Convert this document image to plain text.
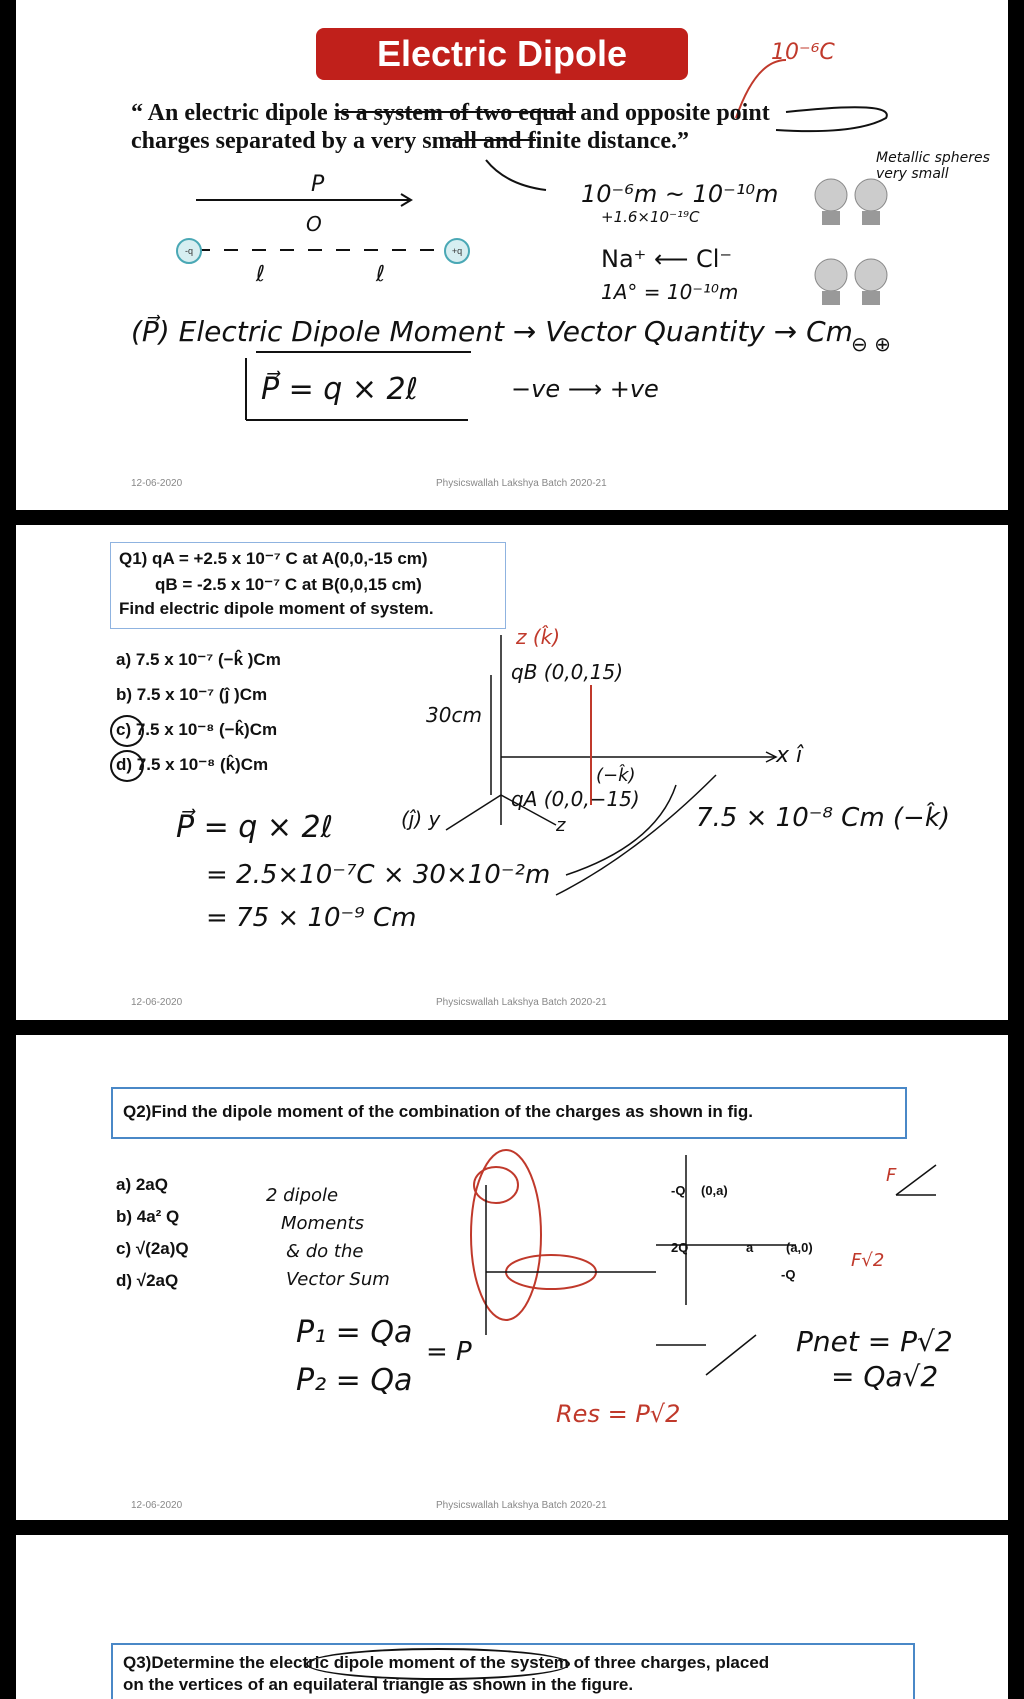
Electric Dipole	10⁻⁶C
“ An electric dipole is a system of two equal and opposite point
charges separated by a very small and finite distance.”
P	10⁻⁶m ~ 10⁻¹⁰m
+1.6×10⁻¹⁹C
-q	+q
O
ℓ	ℓ
Na⁺ ⟵ Cl⁻
1A° = 10⁻¹⁰m
Metallic spheres very small
(P⃗) Electric Dipole Moment → Vector Quantity → Cm
P⃗ = q × 2ℓ	−ve ⟶ +ve
⊖ ⊕
12-06-2020	Physicswallah Lakshya Batch 2020-21
Q1) qA = +2.5 x 10⁻⁷ C at A(0,0,-15 cm)
qB = -2.5 x 10⁻⁷ C at B(0,0,15 cm)
Find electric dipole moment of system.
a) 7.5 x 10⁻⁷ (−k̂ )Cm
b) 7.5 x 10⁻⁷ (ĵ )Cm
c) 7.5 x 10⁻⁸ (−k̂)Cm
d) 7.5 x 10⁻⁸ (k̂)Cm
z (k̂)
qB (0,0,15)
30cm
x î
qA (0,0,−15)
(−k̂)
(ĵ) y	z
P⃗ = q × 2ℓ
= 2.5×10⁻⁷C × 30×10⁻²m
= 75 × 10⁻⁹ Cm
7.5 × 10⁻⁸ Cm (−k̂)
12-06-2020	Physicswallah Lakshya Batch 2020-21
Q2)Find the dipole moment of the combination of the charges as shown in fig.
a) 2aQ
b) 4a² Q
c) √(2a)Q
d) √2aQ
2 dipole
Moments
& do the
Vector Sum
P₁ = Qa
P₂ = Qa
= P
Res = P√2
Pnet = P√2
= Qa√2
-Q (0,a)
2Q	a	(a,0)
-Q
F
F√2
12-06-2020	Physicswallah Lakshya Batch 2020-21
Q3)Determine the electric dipole moment of the system of three charges, placed
on the vertices of an equilateral triangle as shown in the figure.
